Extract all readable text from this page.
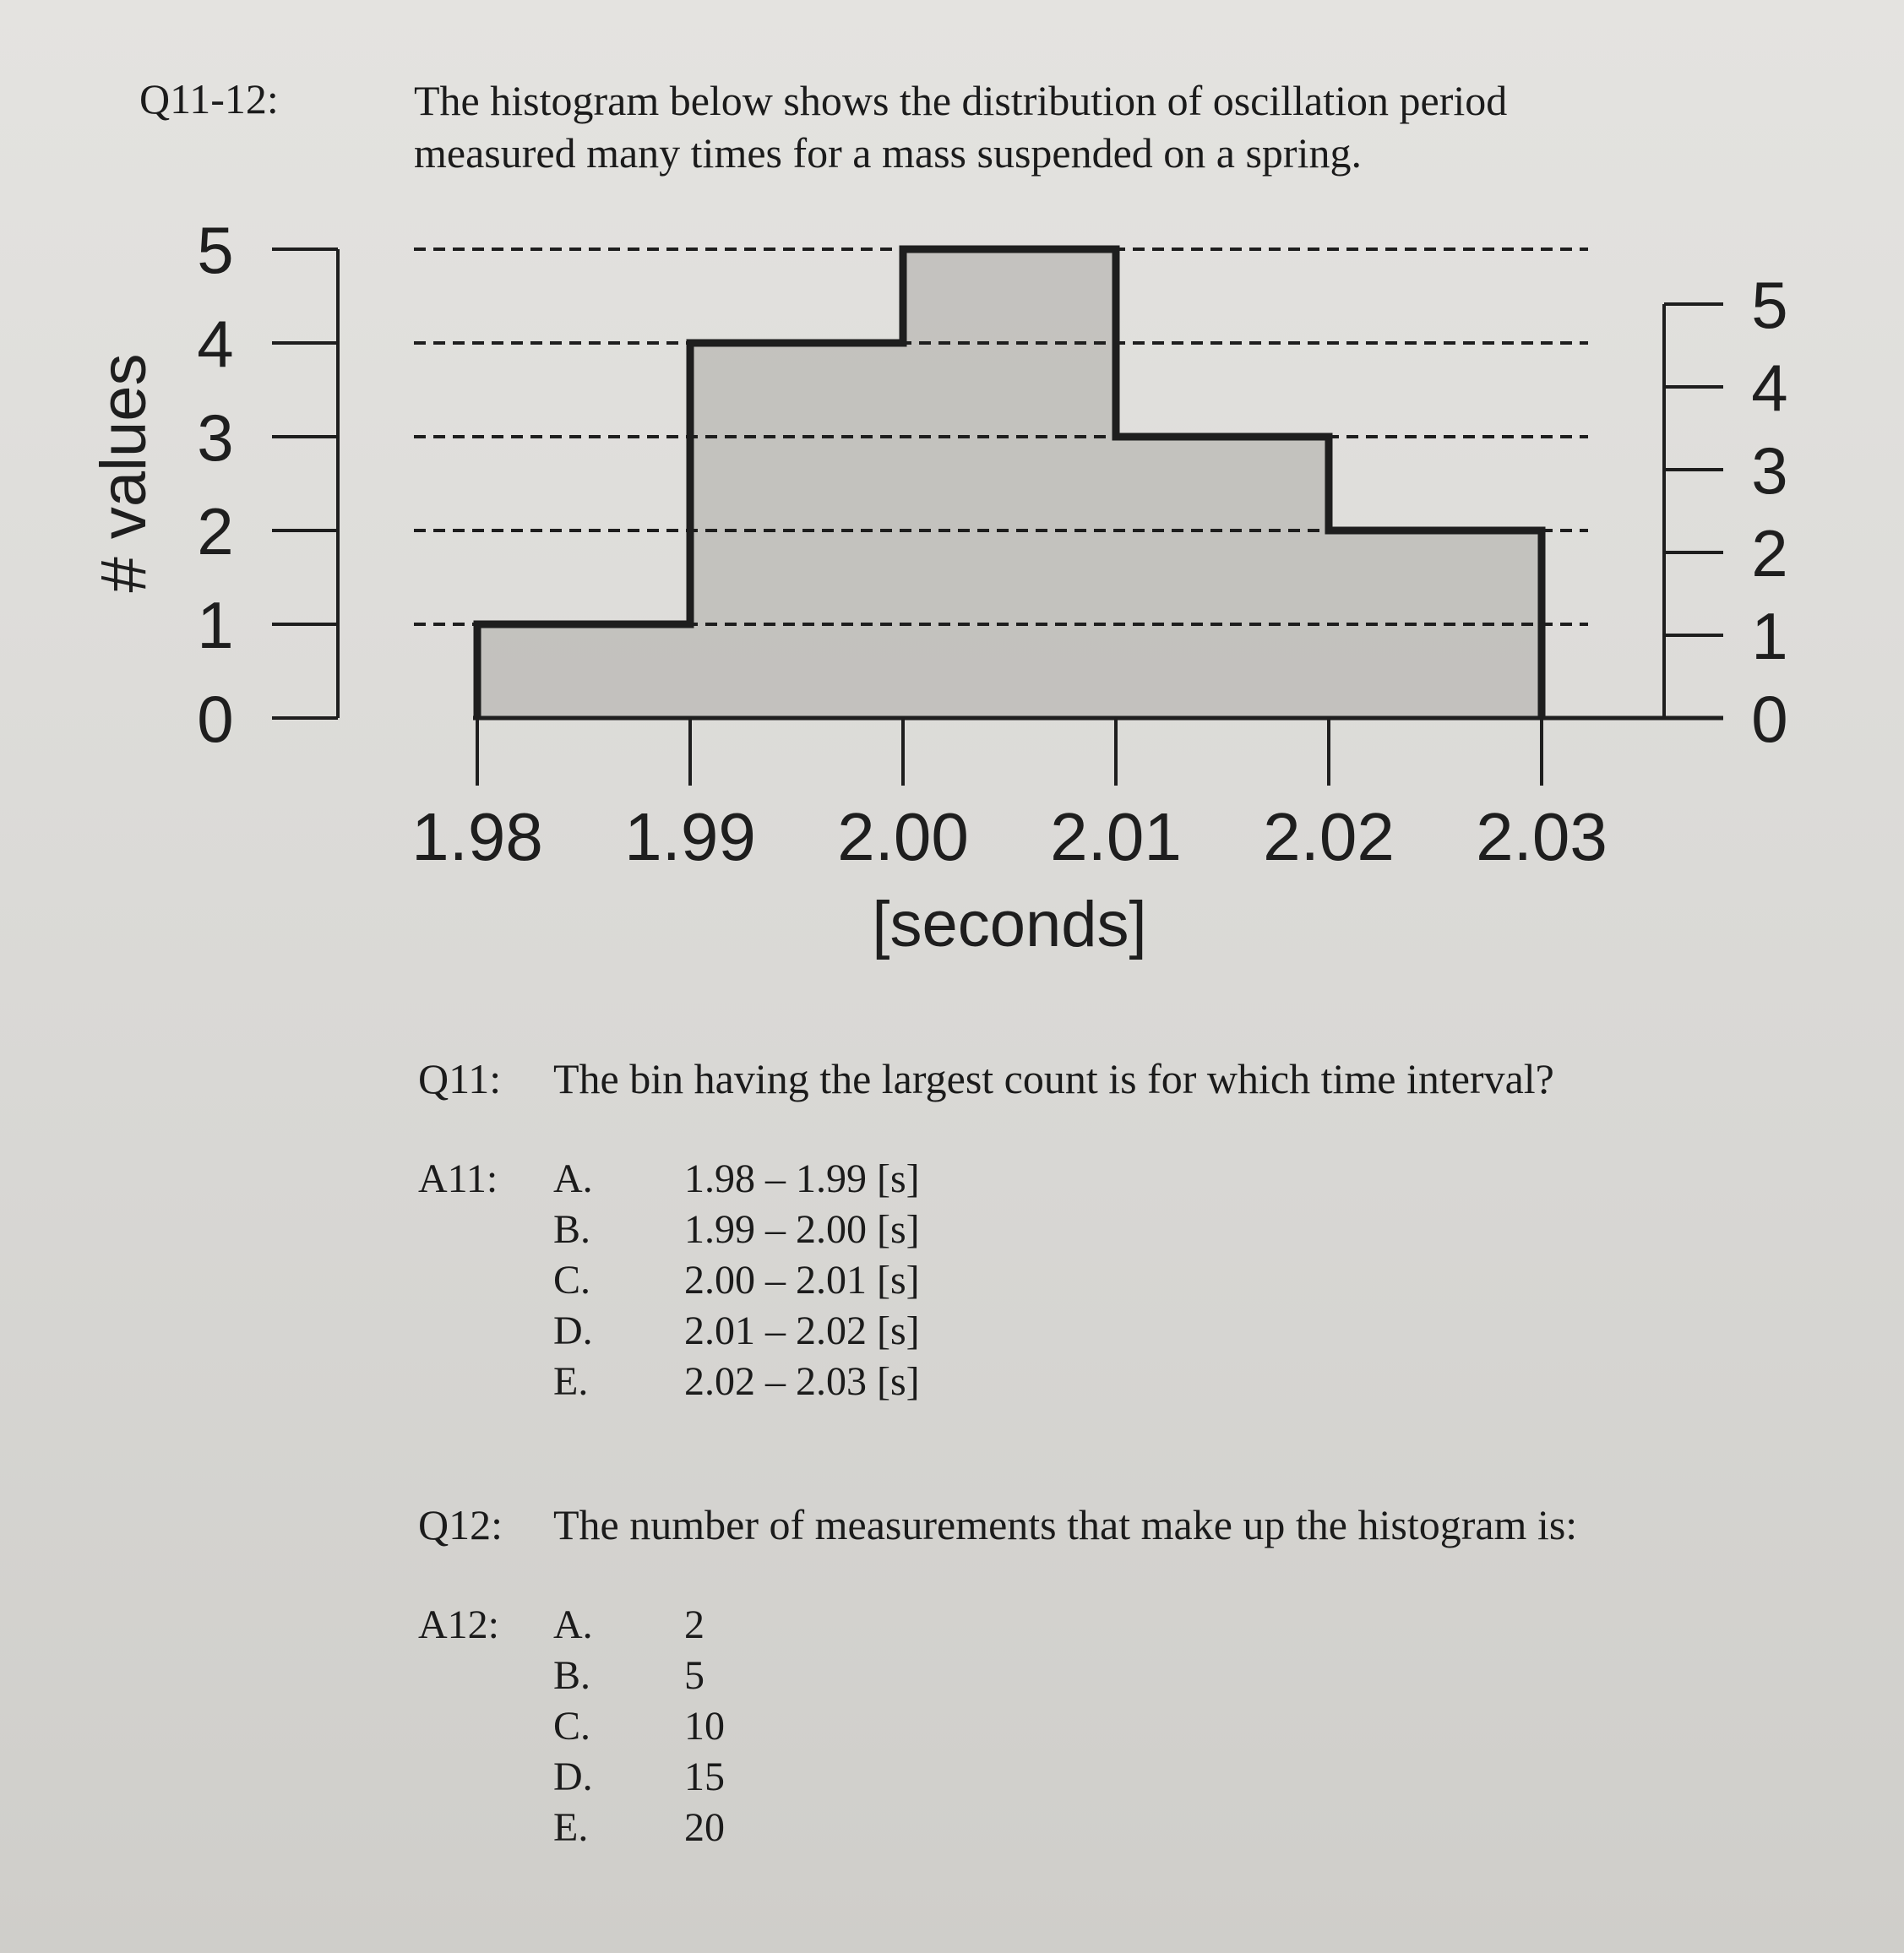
Q11-12:	The histogram below shows the distribution of oscillation period measured many times for a mass suspended on a spring.
1.98 1.99 2.00 2.01 2.02 2.03
[seconds]
0
1
2
3
4
5
0
1
2
3
4
5
# values
Q11: The bin having the largest count is for which time interval?
A11: A. 1.98 – 1.99 [s]
B. 1.99 – 2.00 [s]
C. 2.00 – 2.01 [s]
D. 2.01 – 2.02 [s]
E. 2.02 – 2.03 [s]
Q12: The number of measurements that make up the histogram is:
A12: A. 2
B. 5
C. 10
D. 15
E. 20
